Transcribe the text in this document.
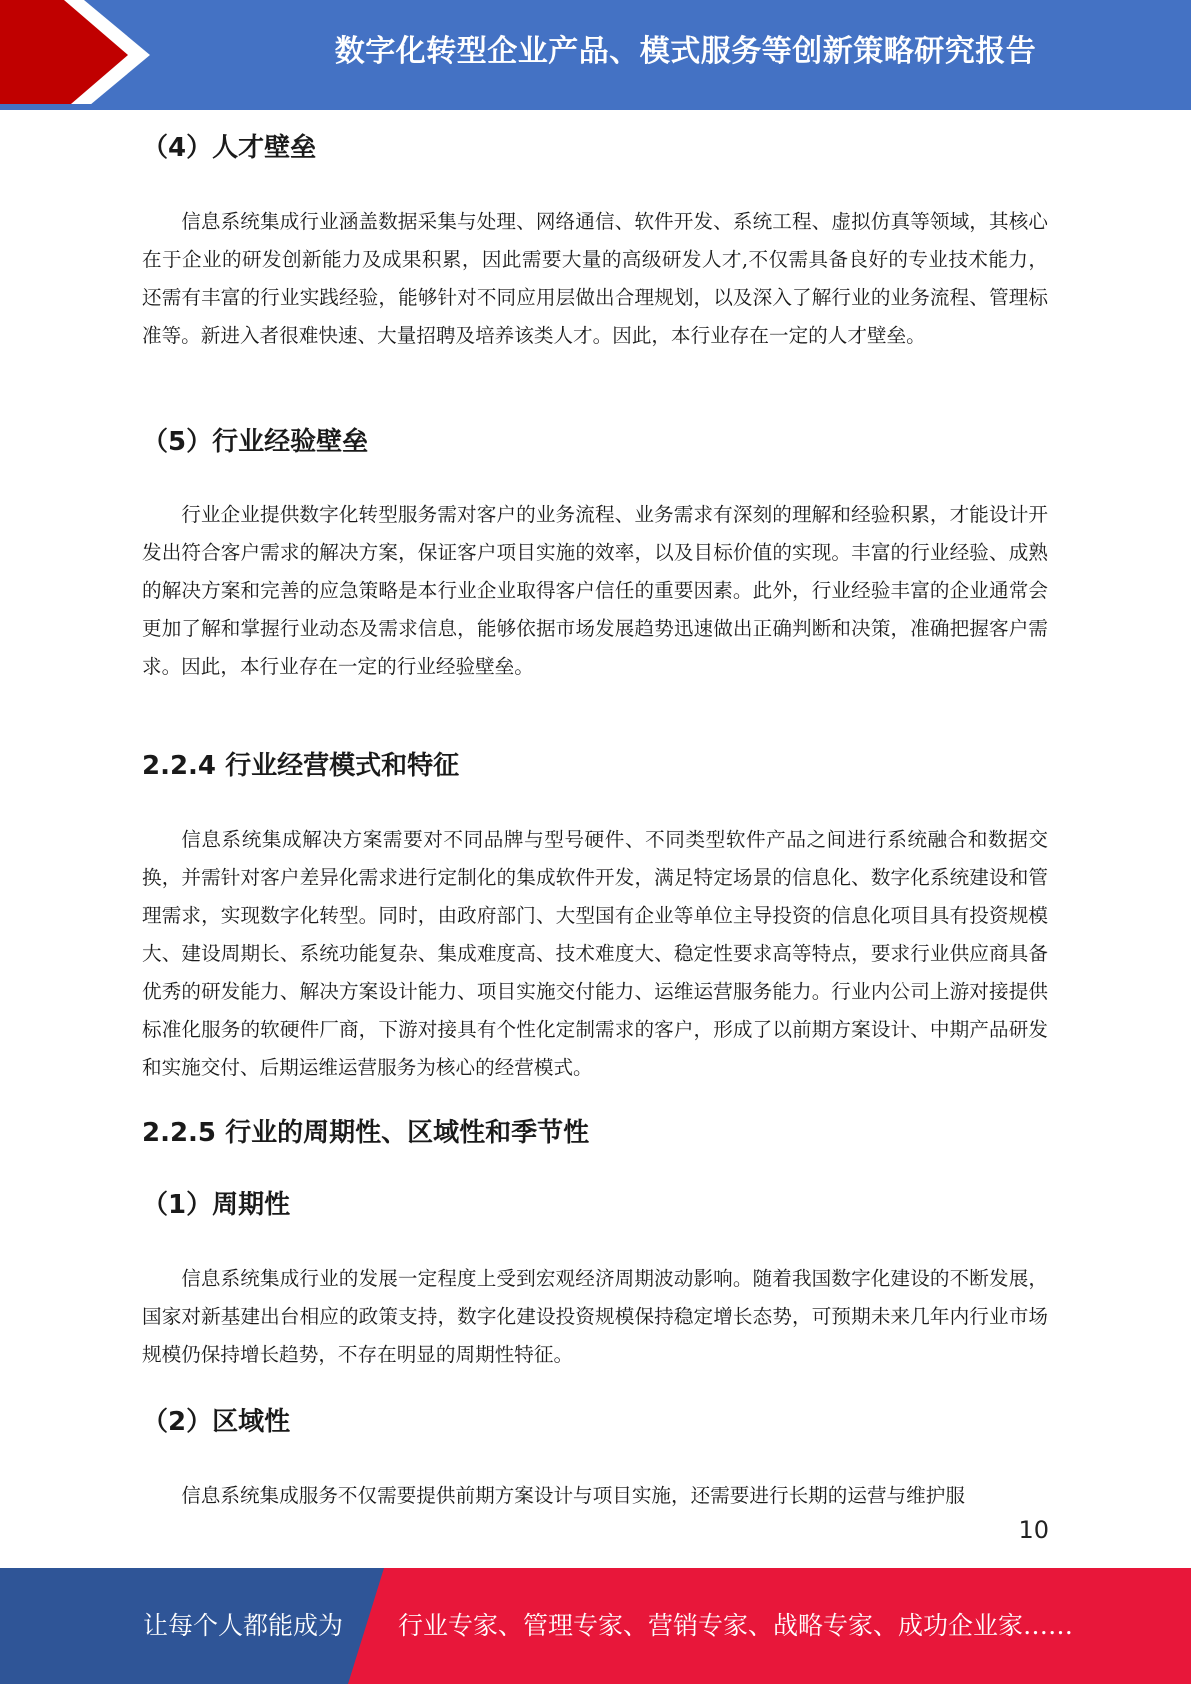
数字化转型企业产品、模式服务等创新策略研究报告
（4）人才壁垒

信息系统集成行业涵盖数据采集与处理、网络通信、软件开发、系统工程、虚拟仿真等领域，其核心在于企业的研发创新能力及成果积累，因此需要大量的高级研发人才,不仅需具备良好的专业技术能力，还需有丰富的行业实践经验，能够针对不同应用层做出合理规划，以及深入了解行业的业务流程、管理标准等。新进入者很难快速、大量招聘及培养该类人才。因此，本行业存在一定的人才壁垒。

（5）行业经验壁垒

行业企业提供数字化转型服务需对客户的业务流程、业务需求有深刻的理解和经验积累，才能设计开发出符合客户需求的解决方案，保证客户项目实施的效率，以及目标价值的实现。丰富的行业经验、成熟的解决方案和完善的应急策略是本行业企业取得客户信任的重要因素。此外，行业经验丰富的企业通常会更加了解和掌握行业动态及需求信息，能够依据市场发展趋势迅速做出正确判断和决策，准确把握客户需求。因此，本行业存在一定的行业经验壁垒。

2.2.4 行业经营模式和特征

信息系统集成解决方案需要对不同品牌与型号硬件、不同类型软件产品之间进行系统融合和数据交换，并需针对客户差异化需求进行定制化的集成软件开发，满足特定场景的信息化、数字化系统建设和管理需求，实现数字化转型。同时，由政府部门、大型国有企业等单位主导投资的信息化项目具有投资规模大、建设周期长、系统功能复杂、集成难度高、技术难度大、稳定性要求高等特点，要求行业供应商具备优秀的研发能力、解决方案设计能力、项目实施交付能力、运维运营服务能力。行业内公司上游对接提供标准化服务的软硬件厂商，下游对接具有个性化定制需求的客户，形成了以前期方案设计、中期产品研发和实施交付、后期运维运营服务为核心的经营模式。

2.2.5 行业的周期性、区域性和季节性
（1）周期性

信息系统集成行业的发展一定程度上受到宏观经济周期波动影响。随着我国数字化建设的不断发展，国家对新基建出台相应的政策支持，数字化建设投资规模保持稳定增长态势，可预期未来几年内行业市场规模仍保持增长趋势，不存在明显的周期性特征。

（2）区域性

信息系统集成服务不仅需要提供前期方案设计与项目实施，还需要进行长期的运营与维护服

10
让每个人都能成为 行业专家、管理专家、营销专家、战略专家、成功企业家……
